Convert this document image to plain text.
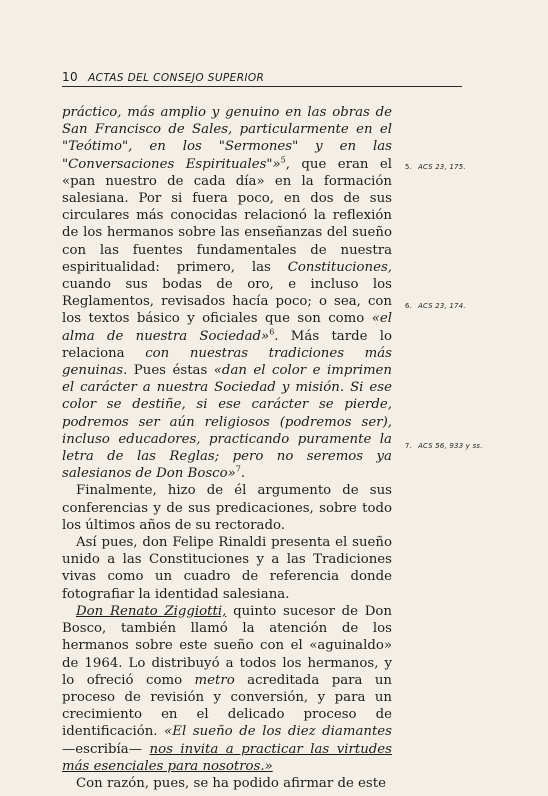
10 ACTAS DEL CONSEJO SUPERIOR

práctico, más amplio y genuino en las obras de San Francisco de Sales, particularmente en el "Teótimo", en los "Sermones" y en las "Conversaciones Espirituales"»$^5$, que eran el «pan nuestro de cada día» en la formación salesiana. Por si fuera poco, en dos de sus circulares más conocidas relacionó la reflexión de los hermanos sobre las enseñanzas del sueño con las fuentes fundamentales de nuestra espiritualidad: primero, las Constituciones, cuando sus bodas de oro, e incluso los Reglamentos, revisados hacía poco; o sea, con los textos básico y oficiales que son como «el alma de nuestra Sociedad»$^6$. Más tarde lo relaciona con nuestras tradiciones más genuinas. Pues éstas «dan el color e imprimen el carácter a nuestra Sociedad y misión. Si ese color se destiñe, si ese carácter se pierde, podremos ser aún religiosos (podremos ser), incluso educadores, practicando puramente la letra de las Reglas; pero no seremos ya salesianos de Don Bosco»$^7$.

Finalmente, hizo de él argumento de sus conferencias y de sus predicaciones, sobre todo los últimos años de su rectorado.

Así pues, don Felipe Rinaldi presenta el sueño unido a las Constituciones y a las Tradiciones vivas como un cuadro de referencia donde fotografiar la identidad salesiana.

Don Renato Ziggiotti, quinto sucesor de Don Bosco, también llamó la atención de los hermanos sobre este sueño con el «aguinaldo» de 1964. Lo distribuyó a todos los hermanos, y lo ofreció como metro acreditada para un proceso de revisión y conversión, y para un crecimiento en el delicado proceso de identificación. «El sueño de los diez diamantes —escribía— nos invita a practicar las virtudes más esenciales para nosotros.»

Con razón, pues, se ha podido afirmar de este

5. ACS 23, 175.
6. ACS 23, 174.
7. ACS 56, 933 y ss.
